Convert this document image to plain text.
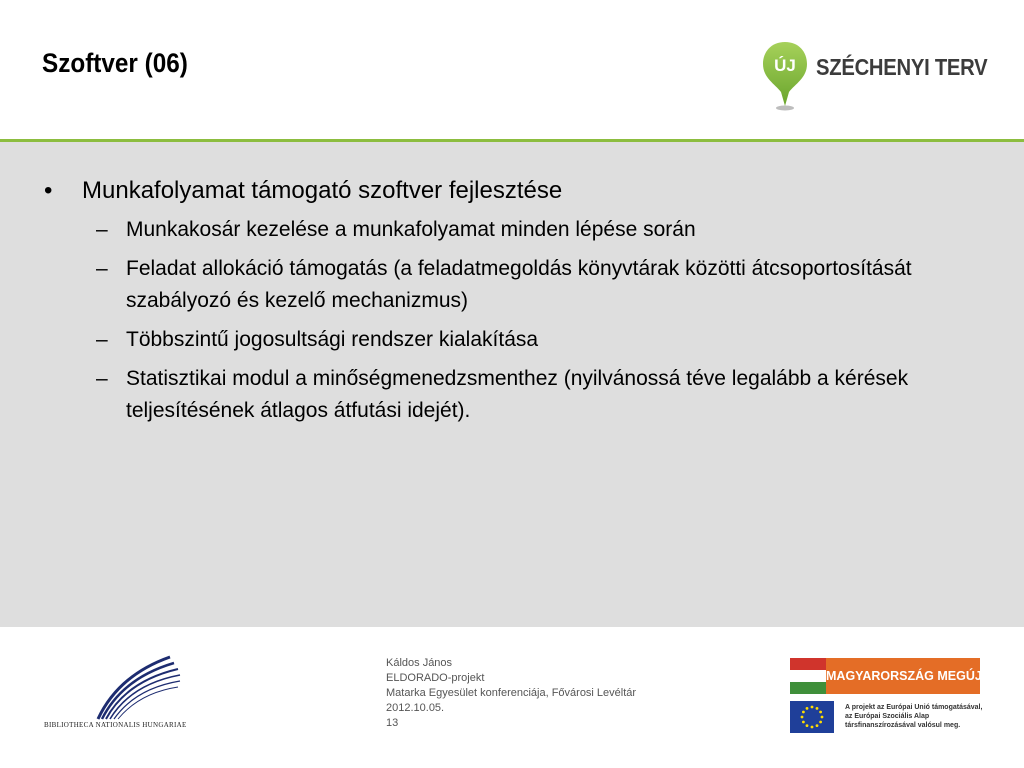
Szoftver (06)	ÚJ SZÉCHENYI TERV
• Munkafolyamat támogató szoftver fejlesztése
– Munkakosár kezelése a munkafolyamat minden lépése során
– Feladat allokáció támogatás (a feladatmegoldás könyvtárak közötti átcsoportosítását szabályozó és kezelő mechanizmus)
– Többszintű jogosultsági rendszer kialakítása
– Statisztikai modul a minőségmenedzsmenthez (nyilvánossá téve legalább a kérések teljesítésének átlagos átfutási idejét).
BIBLIOTHECA NATIONALIS HUNGARIAE
Káldos János
ELDORADO-projekt
Matarka Egyesület konferenciája, Fővárosi Levéltár
2012.10.05.
13
MAGYARORSZÁG MEGÚJUL
A projekt az Európai Unió támogatásával,
az Európai Szociális Alap
társfinanszírozásával valósul meg.
